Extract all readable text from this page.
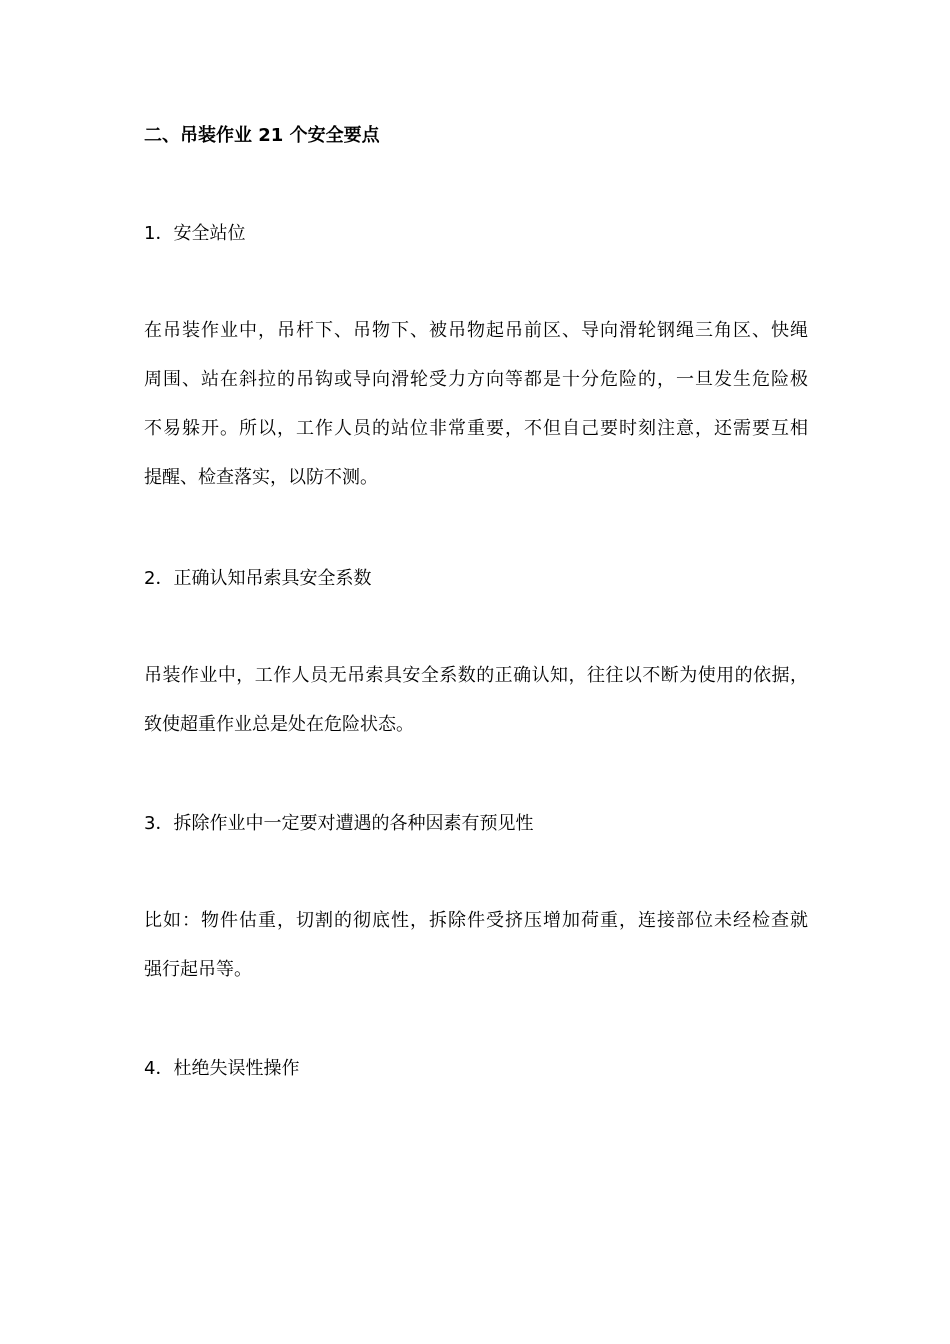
二、吊装作业 21 个安全要点
1．安全站位
在吊装作业中，吊杆下、吊物下、被吊物起吊前区、导向滑轮钢绳三角区、快绳
周围、站在斜拉的吊钩或导向滑轮受力方向等都是十分危险的，一旦发生危险极
不易躲开。所以，工作人员的站位非常重要，不但自己要时刻注意，还需要互相
提醒、检查落实，以防不测。
2．正确认知吊索具安全系数
吊装作业中，工作人员无吊索具安全系数的正确认知，往往以不断为使用的依据，
致使超重作业总是处在危险状态。
3．拆除作业中一定要对遭遇的各种因素有预见性
比如：物件估重，切割的彻底性，拆除件受挤压增加荷重，连接部位未经检查就
强行起吊等。
4．杜绝失误性操作
